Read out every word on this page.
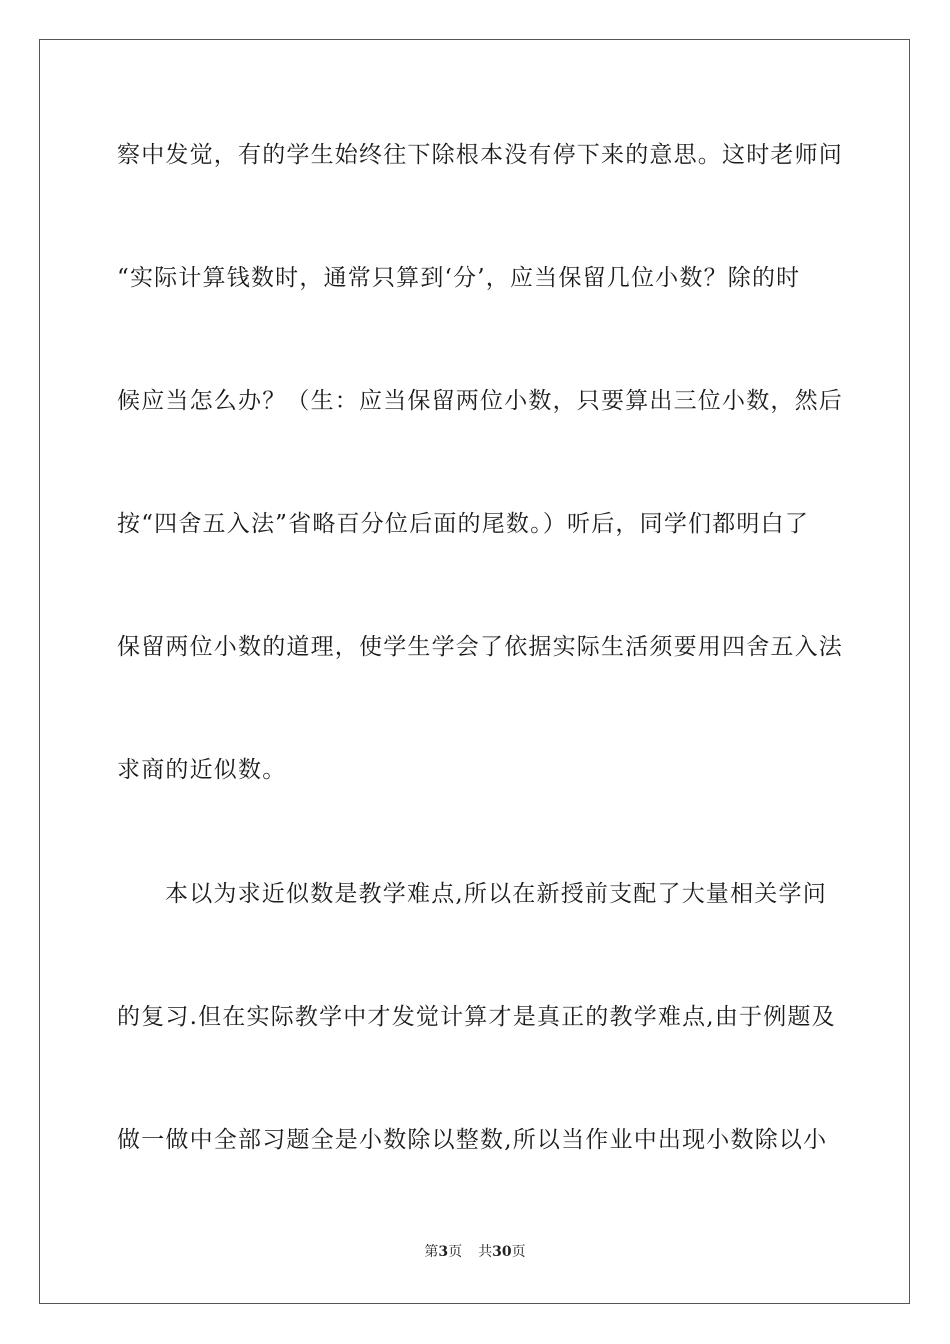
察中发觉，有的学生始终往下除根本没有停下来的意思。这时老师问
“实际计算钱数时，通常只算到‘分’，应当保留几位小数？除的时
候应当怎么办？（生：应当保留两位小数，只要算出三位小数，然后
按“四舍五入法”省略百分位后面的尾数。）听后，同学们都明白了
保留两位小数的道理，使学生学会了依据实际生活须要用四舍五入法
求商的近似数。
本以为求近似数是教学难点,所以在新授前支配了大量相关学问
的复习.但在实际教学中才发觉计算才是真正的教学难点,由于例题及
做一做中全部习题全是小数除以整数,所以当作业中出现小数除以小
第3页 共30页
